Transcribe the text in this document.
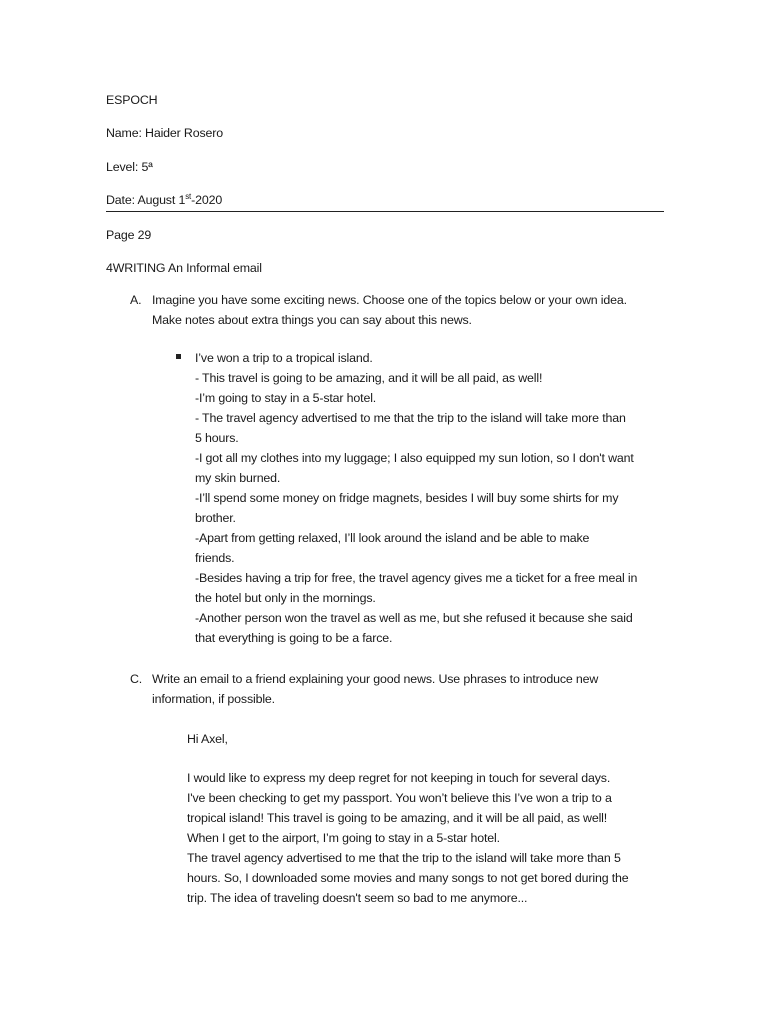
ESPOCH
Name: Haider Rosero
Level: 5ª
Date: August 1st-2020
Page 29
4WRITING An Informal email
A. Imagine you have some exciting news. Choose one of the topics below or your own idea.
Make notes about extra things you can say about this news.
I’ve won a trip to a tropical island.
- This travel is going to be amazing, and it will be all paid, as well!
-I’m going to stay in a 5-star hotel.
- The travel agency advertised to me that the trip to the island will take more than
5 hours.
-I got all my clothes into my luggage; I also equipped my sun lotion, so I don't want
my skin burned.
-I’ll spend some money on fridge magnets, besides I will buy some shirts for my
brother.
-Apart from getting relaxed, I’ll look around the island and be able to make
friends.
-Besides having a trip for free, the travel agency gives me a ticket for a free meal in
the hotel but only in the mornings.
-Another person won the travel as well as me, but she refused it because she said
that everything is going to be a farce.
C. Write an email to a friend explaining your good news. Use phrases to introduce new
information, if possible.
Hi Axel,
I would like to express my deep regret for not keeping in touch for several days.
I've been checking to get my passport. You won’t believe this I’ve won a trip to a
tropical island! This travel is going to be amazing, and it will be all paid, as well!
When I get to the airport, I’m going to stay in a 5-star hotel.
The travel agency advertised to me that the trip to the island will take more than 5
hours. So, I downloaded some movies and many songs to not get bored during the
trip. The idea of traveling doesn't seem so bad to me anymore...
